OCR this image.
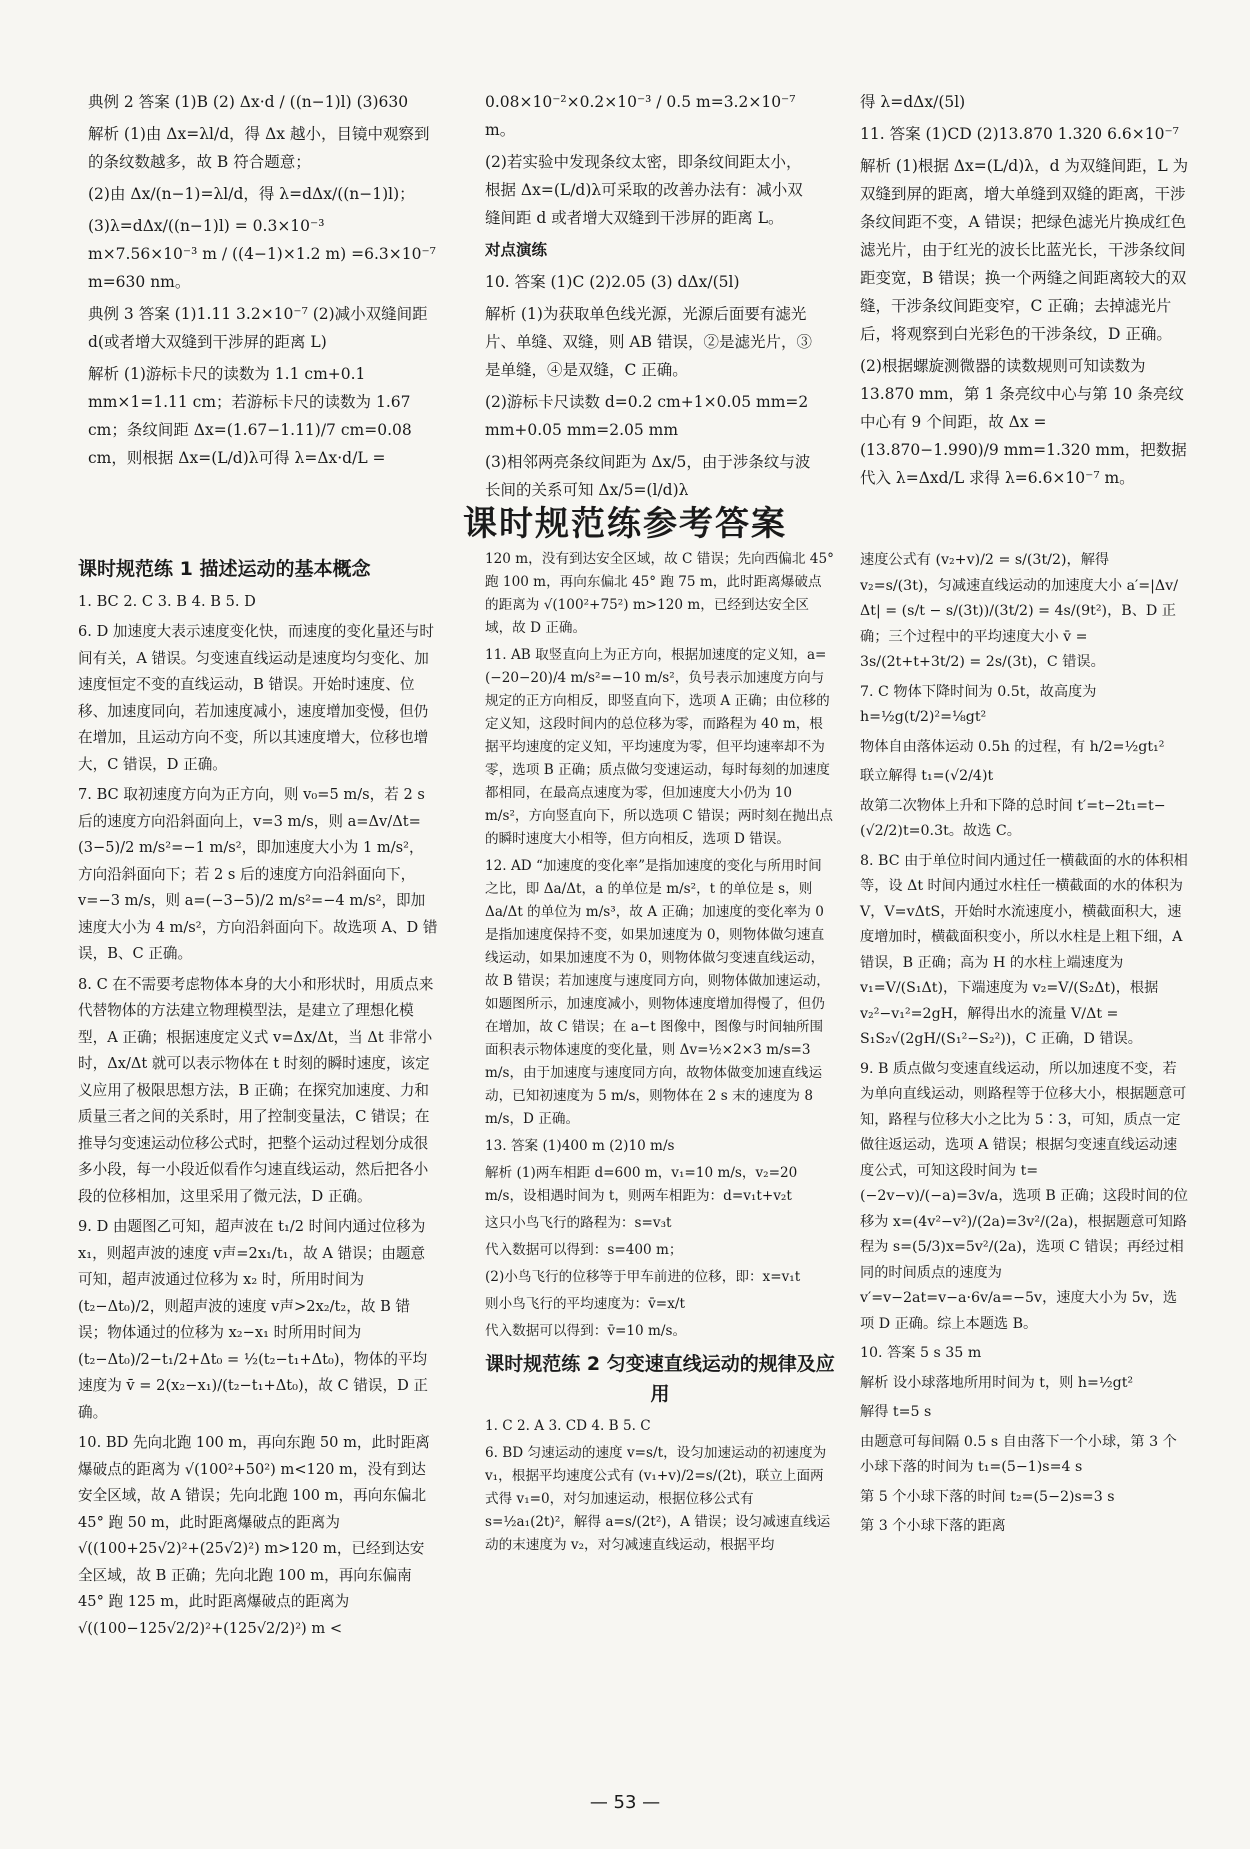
典例 2 答案 (1)B (2) Δx·d / ((n−1)l) (3)630

解析 (1)由 Δx=λl/d，得 Δx 越小，目镜中观察到的条纹数越多，故 B 符合题意；

(2)由 Δx/(n−1)=λl/d，得 λ=dΔx/((n−1)l)；

(3)λ=dΔx/((n−1)l) = 0.3×10⁻³ m×7.56×10⁻³ m / ((4−1)×1.2 m) =6.3×10⁻⁷ m=630 nm。

典例 3 答案 (1)1.11 3.2×10⁻⁷ (2)减小双缝间距 d(或者增大双缝到干涉屏的距离 L)

解析 (1)游标卡尺的读数为 1.1 cm+0.1 mm×1=1.11 cm；若游标卡尺的读数为 1.67 cm；条纹间距 Δx=(1.67−1.11)/7 cm=0.08 cm，则根据 Δx=(L/d)λ可得 λ=Δx·d/L =

0.08×10⁻²×0.2×10⁻³ / 0.5 m=3.2×10⁻⁷ m。

(2)若实验中发现条纹太密，即条纹间距太小，根据 Δx=(L/d)λ可采取的改善办法有：减小双缝间距 d 或者增大双缝到干涉屏的距离 L。

对点演练

10. 答案 (1)C (2)2.05 (3) dΔx/(5l)

解析 (1)为获取单色线光源，光源后面要有滤光片、单缝、双缝，则 AB 错误，②是滤光片，③是单缝，④是双缝，C 正确。

(2)游标卡尺读数 d=0.2 cm+1×0.05 mm=2 mm+0.05 mm=2.05 mm

(3)相邻两亮条纹间距为 Δx/5，由于涉条纹与波长间的关系可知 Δx/5=(l/d)λ

得 λ=dΔx/(5l)

11. 答案 (1)CD (2)13.870 1.320 6.6×10⁻⁷

解析 (1)根据 Δx=(L/d)λ，d 为双缝间距，L 为双缝到屏的距离，增大单缝到双缝的距离，干涉条纹间距不变，A 错误；把绿色滤光片换成红色滤光片，由于红光的波长比蓝光长，干涉条纹间距变宽，B 错误；换一个两缝之间距离较大的双缝，干涉条纹间距变窄，C 正确；去掉滤光片后，将观察到白光彩色的干涉条纹，D 正确。

(2)根据螺旋测微器的读数规则可知读数为 13.870 mm，第 1 条亮纹中心与第 10 条亮纹中心有 9 个间距，故 Δx = (13.870−1.990)/9 mm=1.320 mm，把数据代入 λ=Δxd/L 求得 λ=6.6×10⁻⁷ m。

课时规范练参考答案

课时规范练 1 描述运动的基本概念

1. BC 2. C 3. B 4. B 5. D

6. D 加速度大表示速度变化快，而速度的变化量还与时间有关，A 错误。匀变速直线运动是速度均匀变化、加速度恒定不变的直线运动，B 错误。开始时速度、位移、加速度同向，若加速度减小，速度增加变慢，但仍在增加，且运动方向不变，所以其速度增大，位移也增大，C 错误，D 正确。

7. BC 取初速度方向为正方向，则 v₀=5 m/s，若 2 s 后的速度方向沿斜面向上，v=3 m/s，则 a=Δv/Δt=(3−5)/2 m/s²=−1 m/s²，即加速度大小为 1 m/s²，方向沿斜面向下；若 2 s 后的速度方向沿斜面向下，v=−3 m/s，则 a=(−3−5)/2 m/s²=−4 m/s²，即加速度大小为 4 m/s²，方向沿斜面向下。故选项 A、D 错误，B、C 正确。

8. C 在不需要考虑物体本身的大小和形状时，用质点来代替物体的方法建立物理模型法，是建立了理想化模型，A 正确；根据速度定义式 v=Δx/Δt，当 Δt 非常小时，Δx/Δt 就可以表示物体在 t 时刻的瞬时速度，该定义应用了极限思想方法，B 正确；在探究加速度、力和质量三者之间的关系时，用了控制变量法，C 错误；在推导匀变速运动位移公式时，把整个运动过程划分成很多小段，每一小段近似看作匀速直线运动，然后把各小段的位移相加，这里采用了微元法，D 正确。

9. D 由题图乙可知，超声波在 t₁/2 时间内通过位移为 x₁，则超声波的速度 v声=2x₁/t₁，故 A 错误；由题意可知，超声波通过位移为 x₂ 时，所用时间为 (t₂−Δt₀)/2，则超声波的速度 v声>2x₂/t₂，故 B 错误；物体通过的位移为 x₂−x₁ 时所用时间为 (t₂−Δt₀)/2−t₁/2+Δt₀ = ½(t₂−t₁+Δt₀)，物体的平均速度为 v̄ = 2(x₂−x₁)/(t₂−t₁+Δt₀)，故 C 错误，D 正确。

10. BD 先向北跑 100 m，再向东跑 50 m，此时距离爆破点的距离为 √(100²+50²) m<120 m，没有到达安全区域，故 A 错误；先向北跑 100 m，再向东偏北 45° 跑 50 m，此时距离爆破点的距离为 √((100+25√2)²+(25√2)²) m>120 m，已经到达安全区域，故 B 正确；先向北跑 100 m，再向东偏南 45° 跑 125 m，此时距离爆破点的距离为 √((100−125√2/2)²+(125√2/2)²) m <

120 m，没有到达安全区域，故 C 错误；先向西偏北 45° 跑 100 m，再向东偏北 45° 跑 75 m，此时距离爆破点的距离为 √(100²+75²) m>120 m，已经到达安全区域，故 D 正确。

11. AB 取竖直向上为正方向，根据加速度的定义知，a=(−20−20)/4 m/s²=−10 m/s²，负号表示加速度方向与规定的正方向相反，即竖直向下，选项 A 正确；由位移的定义知，这段时间内的总位移为零，而路程为 40 m，根据平均速度的定义知，平均速度为零，但平均速率却不为零，选项 B 正确；质点做匀变速运动，每时每刻的加速度都相同，在最高点速度为零，但加速度大小仍为 10 m/s²，方向竖直向下，所以选项 C 错误；两时刻在抛出点的瞬时速度大小相等，但方向相反，选项 D 错误。

12. AD “加速度的变化率”是指加速度的变化与所用时间之比，即 Δa/Δt，a 的单位是 m/s²，t 的单位是 s，则 Δa/Δt 的单位为 m/s³，故 A 正确；加速度的变化率为 0 是指加速度保持不变，如果加速度为 0，则物体做匀速直线运动，如果加速度不为 0，则物体做匀变速直线运动，故 B 错误；若加速度与速度同方向，则物体做加速运动，如题图所示，加速度减小，则物体速度增加得慢了，但仍在增加，故 C 错误；在 a−t 图像中，图像与时间轴所围面积表示物体速度的变化量，则 Δv=½×2×3 m/s=3 m/s，由于加速度与速度同方向，故物体做变加速直线运动，已知初速度为 5 m/s，则物体在 2 s 末的速度为 8 m/s，D 正确。

13. 答案 (1)400 m (2)10 m/s

解析 (1)两车相距 d=600 m，v₁=10 m/s，v₂=20 m/s，设相遇时间为 t，则两车相距为：d=v₁t+v₂t

这只小鸟飞行的路程为：s=v₃t

代入数据可以得到：s=400 m；

(2)小鸟飞行的位移等于甲车前进的位移，即：x=v₁t

则小鸟飞行的平均速度为：v̄=x/t

代入数据可以得到：v̄=10 m/s。

课时规范练 2 匀变速直线运动的规律及应用

1. C 2. A 3. CD 4. B 5. C

6. BD 匀速运动的速度 v=s/t，设匀加速运动的初速度为 v₁，根据平均速度公式有 (v₁+v)/2=s/(2t)，联立上面两式得 v₁=0，对匀加速运动，根据位移公式有 s=½a₁(2t)²，解得 a=s/(2t²)，A 错误；设匀减速直线运动的末速度为 v₂，对匀减速直线运动，根据平均

速度公式有 (v₂+v)/2 = s/(3t/2)，解得 v₂=s/(3t)，匀减速直线运动的加速度大小 a′=|Δv/Δt| = (s/t − s/(3t))/(3t/2) = 4s/(9t²)，B、D 正确；三个过程中的平均速度大小 v̄ = 3s/(2t+t+3t/2) = 2s/(3t)，C 错误。

7. C 物体下降时间为 0.5t，故高度为 h=½g(t/2)²=⅛gt²

物体自由落体运动 0.5h 的过程，有 h/2=½gt₁²

联立解得 t₁=(√2/4)t

故第二次物体上升和下降的总时间 t′=t−2t₁=t−(√2/2)t=0.3t。故选 C。

8. BC 由于单位时间内通过任一横截面的水的体积相等，设 Δt 时间内通过水柱任一横截面的水的体积为 V，V=vΔtS，开始时水流速度小，横截面积大，速度增加时，横截面积变小，所以水柱是上粗下细，A 错误，B 正确；高为 H 的水柱上端速度为 v₁=V/(S₁Δt)，下端速度为 v₂=V/(S₂Δt)，根据 v₂²−v₁²=2gH，解得出水的流量 V/Δt = S₁S₂√(2gH/(S₁²−S₂²))，C 正确，D 错误。

9. B 质点做匀变速直线运动，所以加速度不变，若为单向直线运动，则路程等于位移大小，根据题意可知，路程与位移大小之比为 5∶3，可知，质点一定做往返运动，选项 A 错误；根据匀变速直线运动速度公式，可知这段时间为 t=(−2v−v)/(−a)=3v/a，选项 B 正确；这段时间的位移为 x=(4v²−v²)/(2a)=3v²/(2a)，根据题意可知路程为 s=(5/3)x=5v²/(2a)，选项 C 错误；再经过相同的时间质点的速度为 v′=v−2at=v−a·6v/a=−5v，速度大小为 5v，选项 D 正确。综上本题选 B。

10. 答案 5 s 35 m

解析 设小球落地所用时间为 t，则 h=½gt²

解得 t=5 s

由题意可每间隔 0.5 s 自由落下一个小球，第 3 个小球下落的时间为 t₁=(5−1)s=4 s

第 5 个小球下落的时间 t₂=(5−2)s=3 s

第 3 个小球下落的距离

— 53 —
